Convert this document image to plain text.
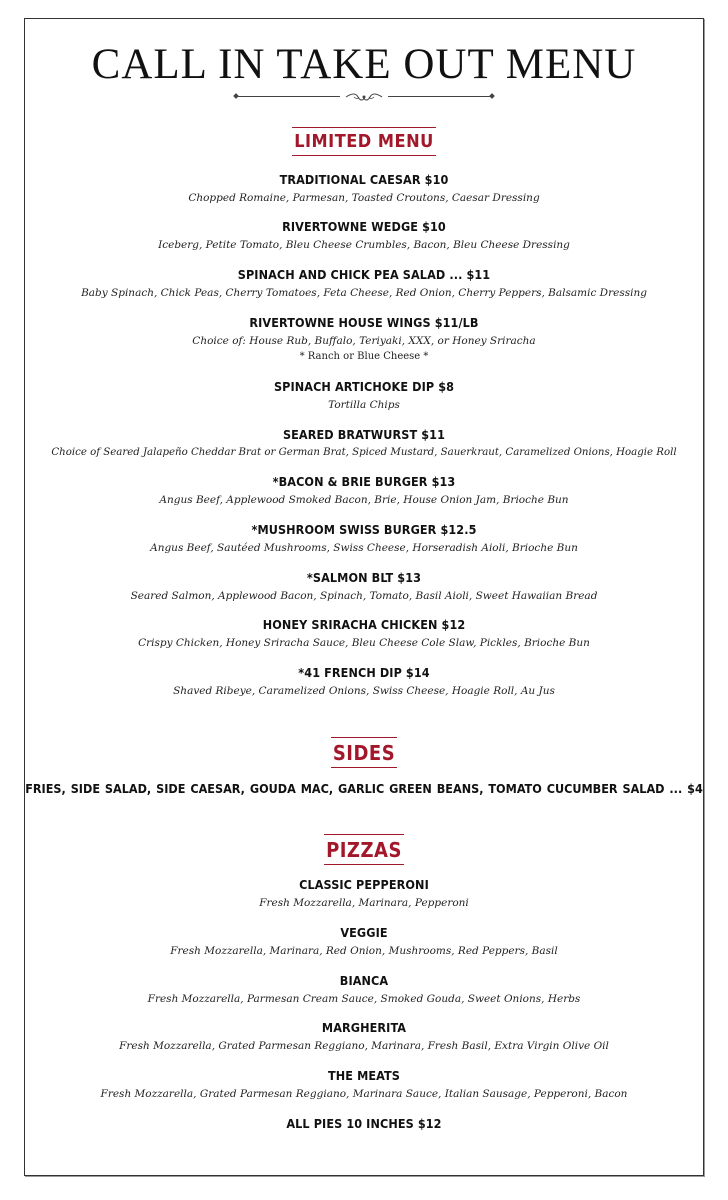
CALL IN TAKE OUT MENU
LIMITED MENU
TRADITIONAL CAESAR $10
Chopped Romaine, Parmesan, Toasted Croutons, Caesar Dressing
RIVERTOWNE WEDGE $10
Iceberg, Petite Tomato, Bleu Cheese Crumbles, Bacon, Bleu Cheese Dressing
SPINACH AND CHICK PEA SALAD ... $11
Baby Spinach, Chick Peas, Cherry Tomatoes, Feta Cheese, Red Onion, Cherry Peppers, Balsamic Dressing
RIVERTOWNE HOUSE WINGS $11/LB
Choice of: House Rub, Buffalo, Teriyaki, XXX, or Honey Sriracha
* Ranch or Blue Cheese *
SPINACH ARTICHOKE DIP $8
Tortilla Chips
SEARED BRATWURST $11
Choice of Seared Jalapeño Cheddar Brat or German Brat, Spiced Mustard, Sauerkraut, Caramelized Onions, Hoagie Roll
*BACON & BRIE BURGER $13
Angus Beef, Applewood Smoked Bacon, Brie, House Onion Jam, Brioche Bun
*MUSHROOM SWISS BURGER $12.5
Angus Beef, Sautéed Mushrooms, Swiss Cheese, Horseradish Aioli, Brioche Bun
*SALMON BLT $13
Seared Salmon, Applewood Bacon, Spinach, Tomato, Basil Aioli, Sweet Hawaiian Bread
HONEY SRIRACHA CHICKEN $12
Crispy Chicken, Honey Sriracha Sauce, Bleu Cheese Cole Slaw, Pickles, Brioche Bun
*41 FRENCH DIP $14
Shaved Ribeye, Caramelized Onions, Swiss Cheese, Hoagie Roll, Au Jus
SIDES
FRIES, SIDE SALAD, SIDE CAESAR, GOUDA MAC, GARLIC GREEN BEANS, TOMATO CUCUMBER SALAD ... $4
PIZZAS
CLASSIC PEPPERONI
Fresh Mozzarella, Marinara, Pepperoni
VEGGIE
Fresh Mozzarella, Marinara, Red Onion, Mushrooms, Red Peppers, Basil
BIANCA
Fresh Mozzarella, Parmesan Cream Sauce, Smoked Gouda, Sweet Onions, Herbs
MARGHERITA
Fresh Mozzarella, Grated Parmesan Reggiano, Marinara, Fresh Basil, Extra Virgin Olive Oil
THE MEATS
Fresh Mozzarella, Grated Parmesan Reggiano, Marinara Sauce, Italian Sausage, Pepperoni, Bacon
ALL PIES 10 INCHES $12
